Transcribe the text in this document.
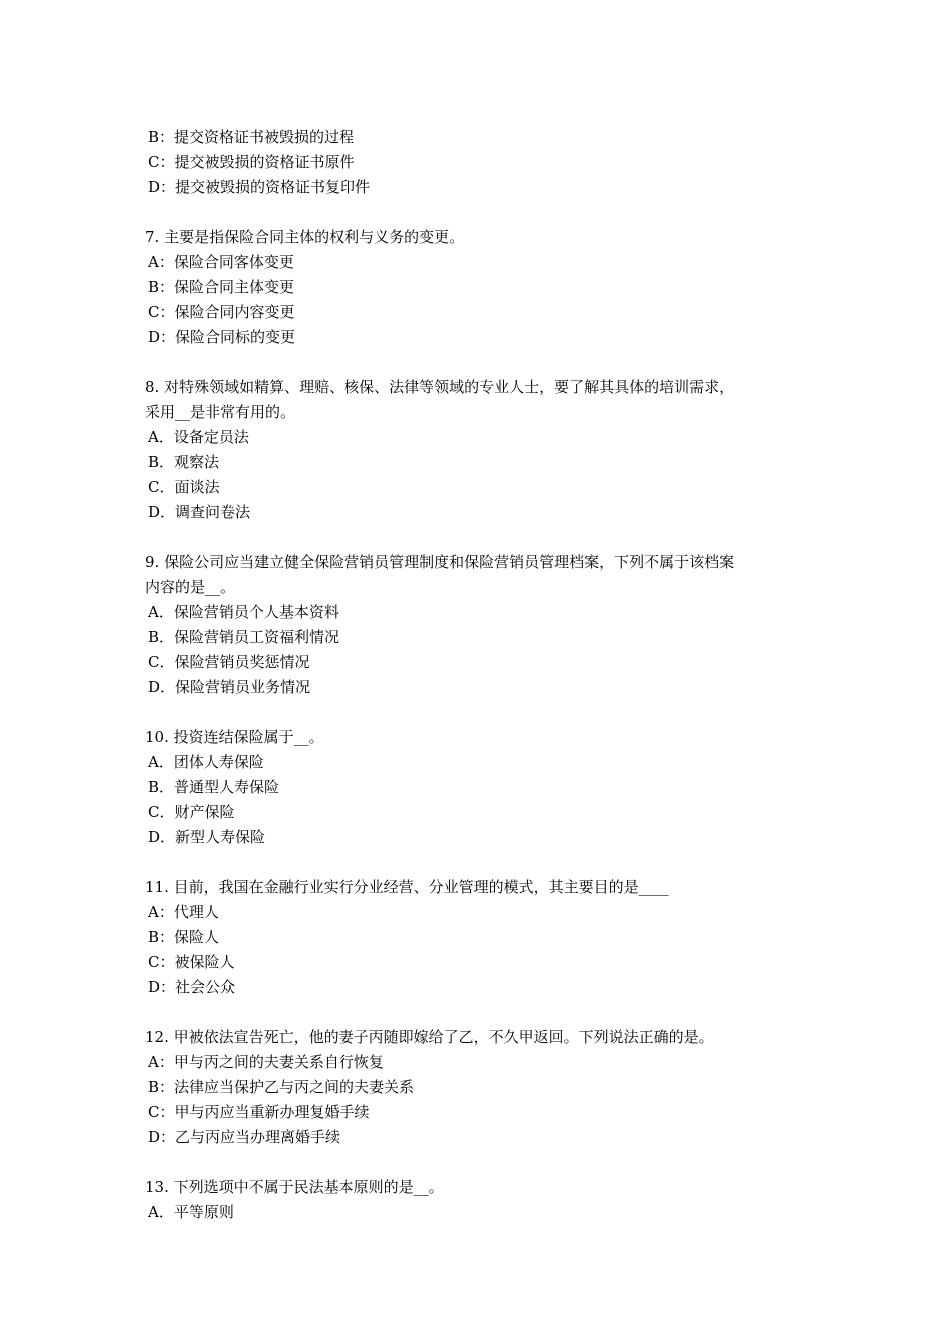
B：提交资格证书被毁损的过程
C：提交被毁损的资格证书原件
D：提交被毁损的资格证书复印件
7. 主要是指保险合同主体的权利与义务的变更。
A：保险合同客体变更
B：保险合同主体变更
C：保险合同内容变更
D：保险合同标的变更
8. 对特殊领域如精算、理赔、核保、法律等领域的专业人士，要了解其具体的培训需求，
采用__是非常有用的。
A．设备定员法
B．观察法
C．面谈法
D．调查问卷法
9. 保险公司应当建立健全保险营销员管理制度和保险营销员管理档案，下列不属于该档案
内容的是__。
A．保险营销员个人基本资料
B．保险营销员工资福利情况
C．保险营销员奖惩情况
D．保险营销员业务情况
10. 投资连结保险属于__。
A．团体人寿保险
B．普通型人寿保险
C．财产保险
D．新型人寿保险
11. 目前，我国在金融行业实行分业经营、分业管理的模式，其主要目的是____
A：代理人
B：保险人
C：被保险人
D：社会公众
12. 甲被依法宣告死亡，他的妻子丙随即嫁给了乙，不久甲返回。下列说法正确的是。
A：甲与丙之间的夫妻关系自行恢复
B：法律应当保护乙与丙之间的夫妻关系
C：甲与丙应当重新办理复婚手续
D：乙与丙应当办理离婚手续
13. 下列选项中不属于民法基本原则的是__。
A．平等原则
